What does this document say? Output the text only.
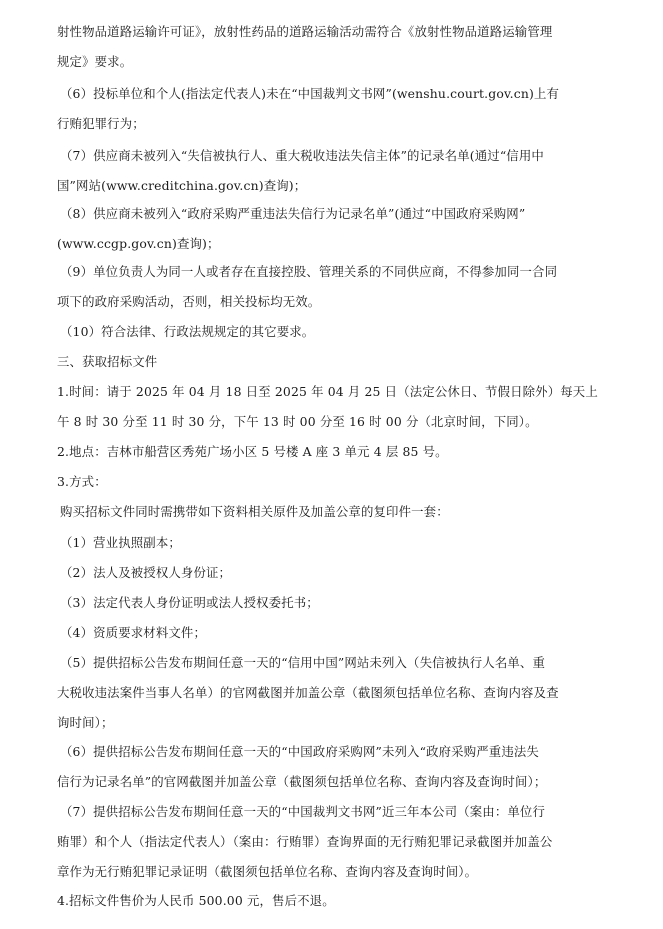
射性物品道路运输许可证》，放射性药品的道路运输活动需符合《放射性物品道路运输管理
规定》要求。
（6）投标单位和个人(指法定代表人)未在“中国裁判文书网”(wenshu.court.gov.cn)上有
行贿犯罪行为；
（7）供应商未被列入“失信被执行人、重大税收违法失信主体”的记录名单(通过“信用中
国”网站(www.creditchina.gov.cn)查询)；
（8）供应商未被列入“政府采购严重违法失信行为记录名单”(通过“中国政府采购网”
(www.ccgp.gov.cn)查询)；
（9）单位负责人为同一人或者存在直接控股、管理关系的不同供应商，不得参加同一合同
项下的政府采购活动，否则，相关投标均无效。
（10）符合法律、行政法规规定的其它要求。
三、获取招标文件
1.时间：请于 2025 年 04 月 18 日至 2025 年 04 月 25 日（法定公休日、节假日除外）每天上
午 8 时 30 分至 11 时 30 分，下午 13 时 00 分至 16 时 00 分（北京时间，下同）。
2.地点：吉林市船营区秀苑广场小区 5 号楼 A 座 3 单元 4 层 85 号。
3.方式：
购买招标文件同时需携带如下资料相关原件及加盖公章的复印件一套：
（1）营业执照副本；
（2）法人及被授权人身份证；
（3）法定代表人身份证明或法人授权委托书；
（4）资质要求材料文件；
（5）提供招标公告发布期间任意一天的“信用中国”网站未列入（失信被执行人名单、重
大税收违法案件当事人名单）的官网截图并加盖公章（截图须包括单位名称、查询内容及查
询时间）；
（6）提供招标公告发布期间任意一天的“中国政府采购网”未列入“政府采购严重违法失
信行为记录名单”的官网截图并加盖公章（截图须包括单位名称、查询内容及查询时间）；
（7）提供招标公告发布期间任意一天的“中国裁判文书网”近三年本公司（案由：单位行
贿罪）和个人（指法定代表人）（案由：行贿罪）查询界面的无行贿犯罪记录截图并加盖公
章作为无行贿犯罪记录证明（截图须包括单位名称、查询内容及查询时间）。
4.招标文件售价为人民币 500.00 元，售后不退。
